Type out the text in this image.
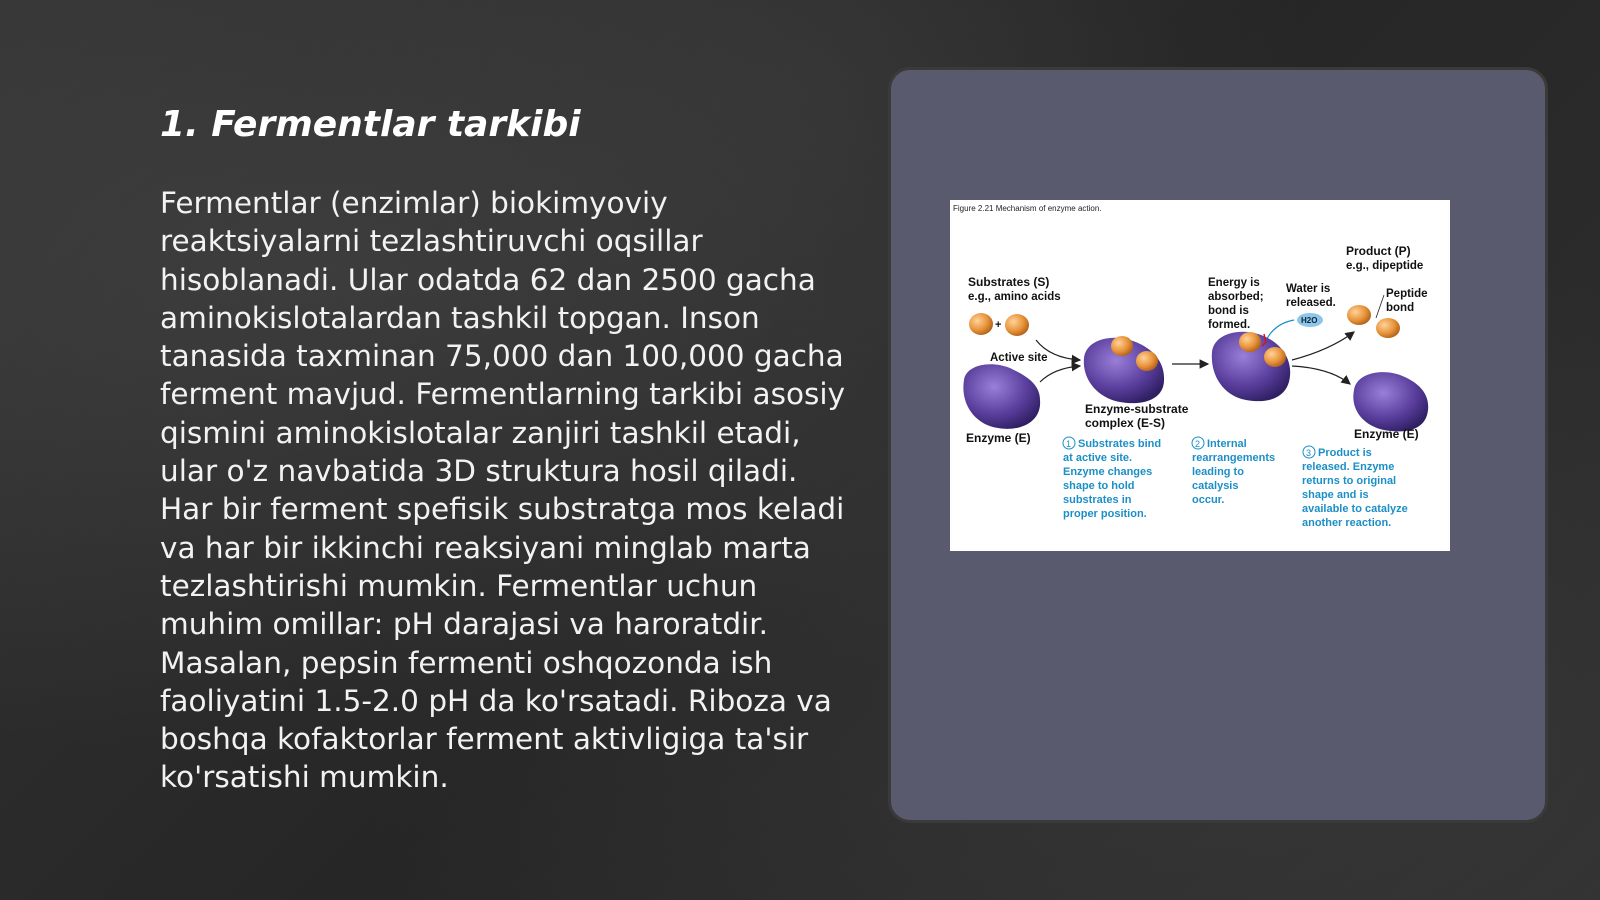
1. Fermentlar tarkibi

Fermentlar (enzimlar) biokimyoviy reaktsiyalarni tezlashtiruvchi oqsillar hisoblanadi. Ular odatda 62 dan 2500 gacha aminokislotalardan tashkil topgan. Inson tanasida taxminan 75,000 dan 100,000 gacha ferment mavjud. Fermentlarning tarkibi asosiy qismini aminokislotalar zanjiri tashkil etadi, ular o'z navbatida 3D struktura hosil qiladi. Har bir ferment spefisik substratga mos keladi va har bir ikkinchi reaksiyani minglab marta tezlashtirishi mumkin. Fermentlar uchun muhim omillar: pH darajasi va haroratdir. Masalan, pepsin fermenti oshqozonda ish faoliyatini 1.5-2.0 pH da ko'rsatadi. Riboza va boshqa kofaktorlar ferment aktivligiga ta'sir ko'rsatishi mumkin.

Figure 2.21 Mechanism of enzyme action.
Substrates (S)
e.g., amino acids
+
Active site
Enzyme (E)
Enzyme-substrate
complex (E-S)
Energy is
absorbed;
bond is
formed.
Water is
released.
H2O
Product (P)
e.g., dipeptide
Peptide
bond
Enzyme (E)
1 Substrates bind
at active site.
Enzyme changes
shape to hold
substrates in
proper position.
2 Internal
rearrangements
leading to
catalysis
occur.
3 Product is
released. Enzyme
returns to original
shape and is
available to catalyze
another reaction.
